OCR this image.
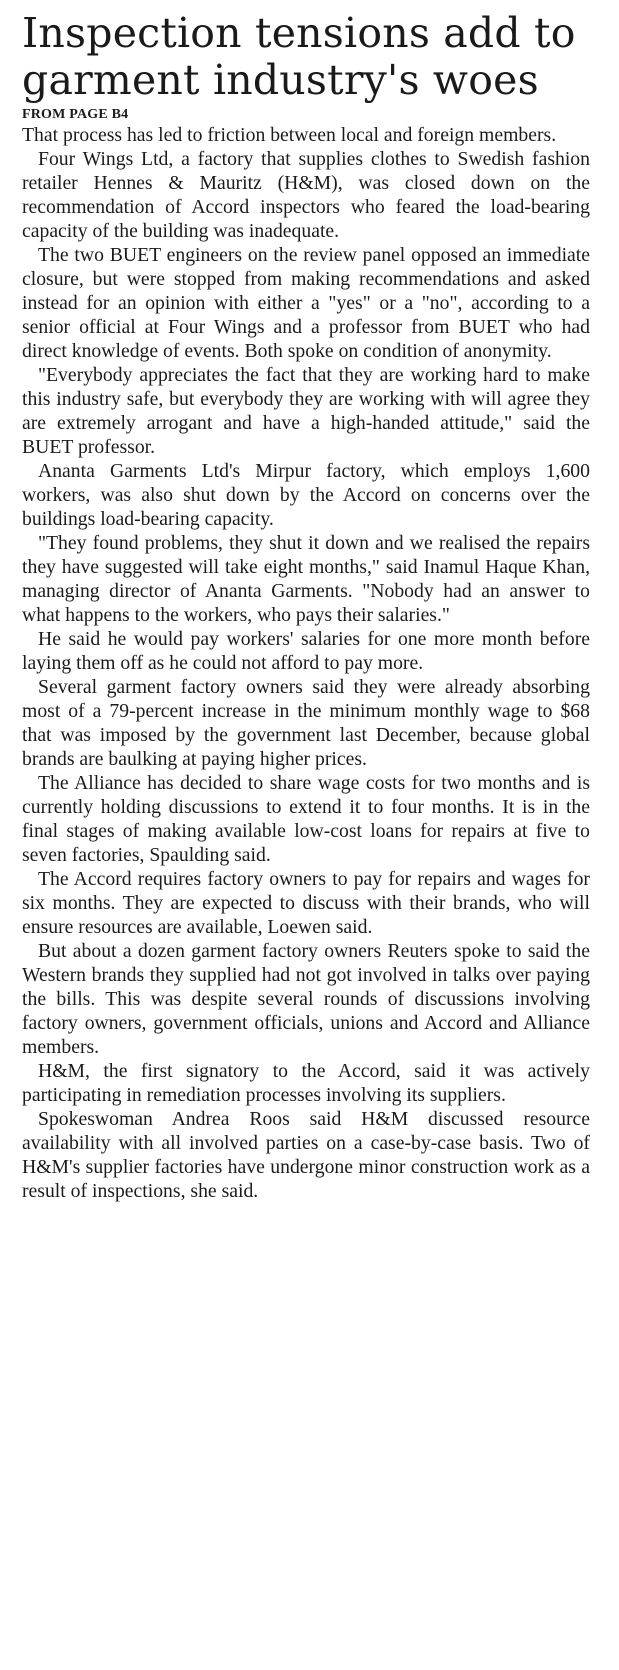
Inspection tensions add to garment industry's woes
FROM PAGE B4

That process has led to friction between local and foreign members.

Four Wings Ltd, a factory that supplies clothes to Swedish fashion retailer Hennes & Mauritz (H&M), was closed down on the recommendation of Accord inspectors who feared the load-bearing capacity of the building was inadequate.

The two BUET engineers on the review panel opposed an immediate closure, but were stopped from making recommendations and asked instead for an opinion with either a "yes" or a "no", according to a senior official at Four Wings and a professor from BUET who had direct knowledge of events. Both spoke on condition of anonymity.

"Everybody appreciates the fact that they are working hard to make this industry safe, but everybody they are working with will agree they are extremely arrogant and have a high-handed attitude," said the BUET professor.

Ananta Garments Ltd's Mirpur factory, which employs 1,600 workers, was also shut down by the Accord on concerns over the buildings load-bearing capacity.

"They found problems, they shut it down and we realised the repairs they have suggested will take eight months," said Inamul Haque Khan, managing director of Ananta Garments. "Nobody had an answer to what happens to the workers, who pays their salaries."

He said he would pay workers' salaries for one more month before laying them off as he could not afford to pay more.

Several garment factory owners said they were already absorbing most of a 79-percent increase in the minimum monthly wage to $68 that was imposed by the government last December, because global brands are baulking at paying higher prices.

The Alliance has decided to share wage costs for two months and is currently holding discussions to extend it to four months. It is in the final stages of making available low-cost loans for repairs at five to seven factories, Spaulding said.

The Accord requires factory owners to pay for repairs and wages for six months. They are expected to discuss with their brands, who will ensure resources are available, Loewen said.

But about a dozen garment factory owners Reuters spoke to said the Western brands they supplied had not got involved in talks over paying the bills. This was despite several rounds of discussions involving factory owners, government officials, unions and Accord and Alliance members.

H&M, the first signatory to the Accord, said it was actively participating in remediation processes involving its suppliers.

Spokeswoman Andrea Roos said H&M discussed resource availability with all involved parties on a case-by-case basis. Two of H&M's supplier factories have undergone minor construction work as a result of inspections, she said.
